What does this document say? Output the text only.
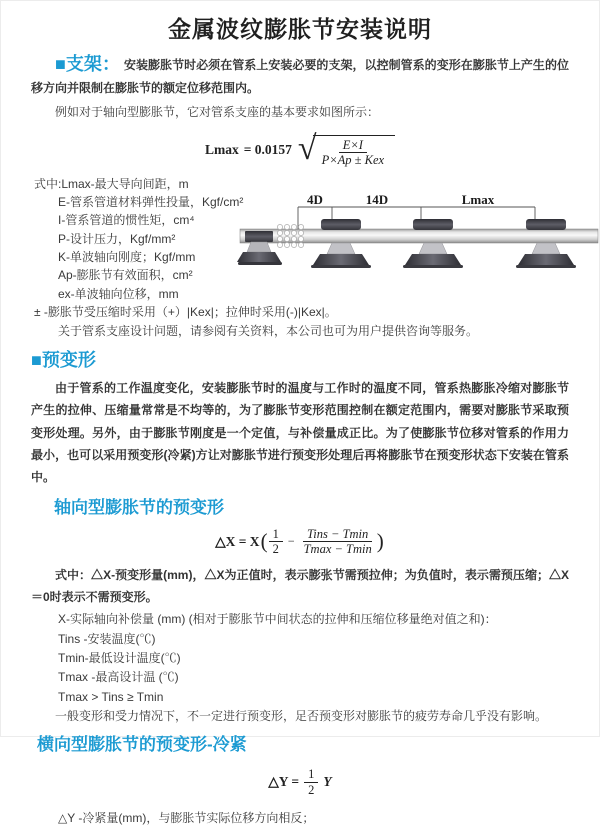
金属波纹膨胀节安装说明

■支架： 安装膨胀节时必须在管系上安装必要的支架，以控制管系的变形在膨胀节上产生的位移方向并限制在膨胀节的额定位移范围内。

例如对于轴向型膨胀节，它对管系支座的基本要求如图所示：

Lmax = 0.0157 √ $\frac{E\times I}{\text{P×Ap ± Kex}}$
式中:Lmax-最大导向间距，m
E-管系管道材料弹性投量，Kgf/cm²
I-管系管道的惯性矩，cm⁴
P-设计压力，Kgf/mm²
K-单波轴向刚度；Kgf/mm
Ap-膨胀节有效面积，cm²
ex-单波轴向位移，mm
± -膨胀节受压缩时采用（+）|Kex|；拉伸时采用(-)|Kex|。
关于管系支座设计问题，请参阅有关资料，本公司也可为用户提供咨询等服务。
4D	14D	Lmax
■预变形

由于管系的工作温度变化，安装膨胀节时的温度与工作时的温度不同，管系热膨胀冷缩对膨胀节产生的拉伸、压缩量常常是不均等的，为了膨胀节变形范围控制在额定范围内，需要对膨胀节采取预变形处理。另外，由于膨胀节刚度是一个定值，与补偿量成正比。为了使膨胀节位移对管系的作用力最小，也可以采用预变形(冷紧)方让对膨胀节进行预变形处理后再将膨胀节在预变形状态下安装在管系中。

轴向型膨胀节的预变形
△X = X ( $\frac{1}{2} - \frac{\text{Tins − Tmin}}{Tmax - Tmin}$ )

式中：△X-预变形量(mm)，△X为正值时，表示膨张节需预拉伸；为负值时，表示需预压缩；△X＝0时表示不需预变形。

X-实际轴向补偿量 (mm) (相对于膨胀节中间状态的拉伸和压缩位移量绝对值之和)：
Tins -安装温度(℃)
Tmin-最低设计温度(℃)
Tmax -最高设计温 (℃)
Tmax > Tins ≥ Tmin

一般变形和受力情况下，不一定进行预变形，足否预变形对膨胀节的疲劳寿命几乎没有影响。

横向型膨胀节的预变形-冷紧
△Y = $\frac{1}{2}$ Y

△Y -冷紧量(mm)，与膨胀节实际位移方向相反；
